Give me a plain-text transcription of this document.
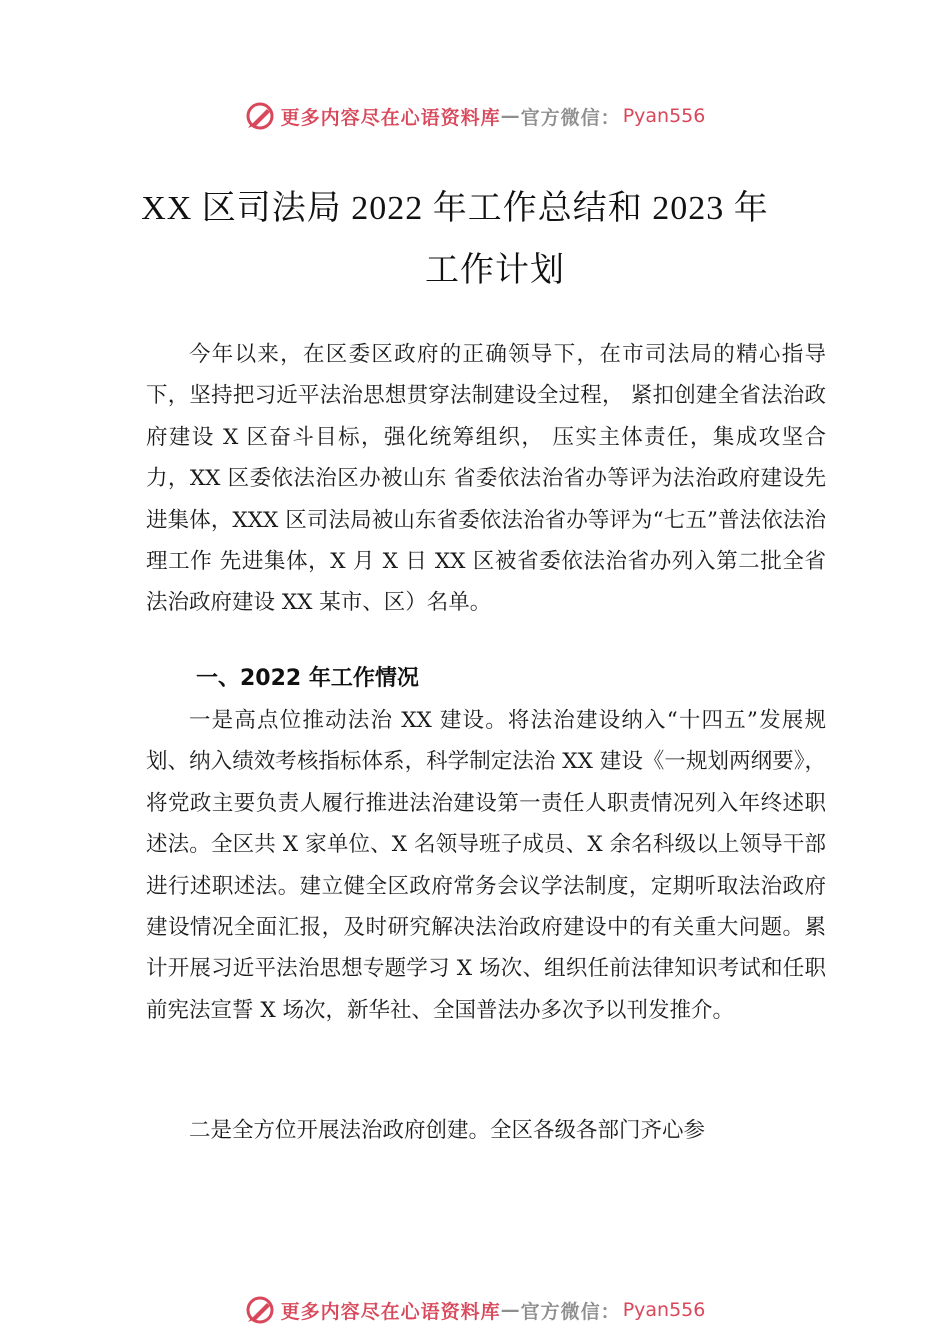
更多内容尽在心语资料库 — 官方微信： Pyan556
XX 区司法局 2022 年工作总结和 2023 年
工作计划
今年以来，在区委区政府的正确领导下，在市司法局的精心指导下，坚持把习近平法治思想贯穿法制建设全过程， 紧扣创建全省法治政府建设 X 区奋斗目标，强化统筹组织， 压实主体责任，集成攻坚合力，XX 区委依法治区办被山东 省委依法治省办等评为法治政府建设先进集体，XXX 区司法局被山东省委依法治省办等评为“七五”普法依法治理工作 先进集体，X 月 X 日 XX 区被省委依法治省办列入第二批全省法治政府建设 XX 某市、区）名单。
一、2022 年工作情况
一是高点位推动法治 XX 建设。将法治建设纳入“十四五”发展规划、纳入绩效考核指标体系，科学制定法治 XX 建设《一规划两纲要》，将党政主要负责人履行推进法治建设第一责任人职责情况列入年终述职述法。全区共 X 家单位、X 名领导班子成员、X 余名科级以上领导干部进行述职述法。建立健全区政府常务会议学法制度，定期听取法治政府建设情况全面汇报，及时研究解决法治政府建设中的有关重大问题。累计开展习近平法治思想专题学习 X 场次、组织任前法律知识考试和任职前宪法宣誓 X 场次，新华社、全国普法办多次予以刊发推介。
二是全方位开展法治政府创建。全区各级各部门齐心参
更多内容尽在心语资料库 — 官方微信： Pyan556
